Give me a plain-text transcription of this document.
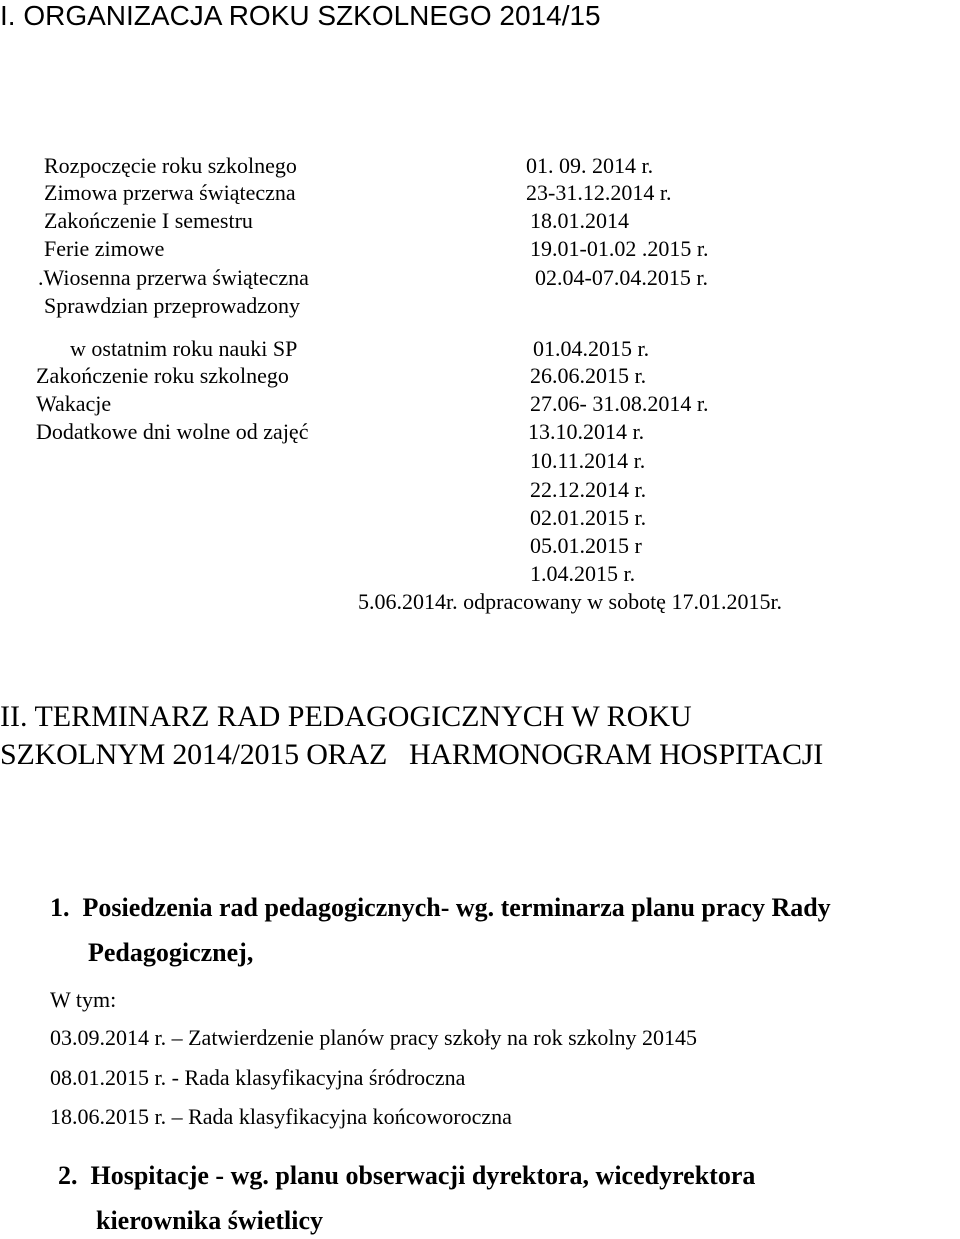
I. ORGANIZACJA ROKU SZKOLNEGO 2014/15
Rozpoczęcie roku szkolnego
Zimowa przerwa świąteczna
Zakończenie I semestru
Ferie zimowe
.Wiosenna przerwa świąteczna
Sprawdzian przeprowadzony
w ostatnim roku nauki SP
Zakończenie roku szkolnego
Wakacje
Dodatkowe dni wolne od zajęć
01. 09. 2014 r.
23-31.12.2014 r.
18.01.2014
19.01-01.02 .2015 r.
02.04-07.04.2015 r.
01.04.2015 r.
26.06.2015 r.
27.06- 31.08.2014 r.
13.10.2014 r.
10.11.2014 r.
22.12.2014 r.
02.01.2015 r.
05.01.2015 r
1.04.2015 r.
5.06.2014r. odpracowany w sobotę 17.01.2015r.
II. TERMINARZ RAD PEDAGOGICZNYCH W ROKU
SZKOLNYM 2014/2015 ORAZ   HARMONOGRAM HOSPITACJI
1.  Posiedzenia rad pedagogicznych- wg. terminarza planu pracy Rady
Pedagogicznej,
W tym:
03.09.2014 r. – Zatwierdzenie planów pracy szkoły na rok szkolny 20145
08.01.2015 r. - Rada klasyfikacyjna śródroczna
18.06.2015 r. – Rada klasyfikacyjna końcoworoczna
2.  Hospitacje - wg. planu obserwacji dyrektora, wicedyrektora
kierownika świetlicy
